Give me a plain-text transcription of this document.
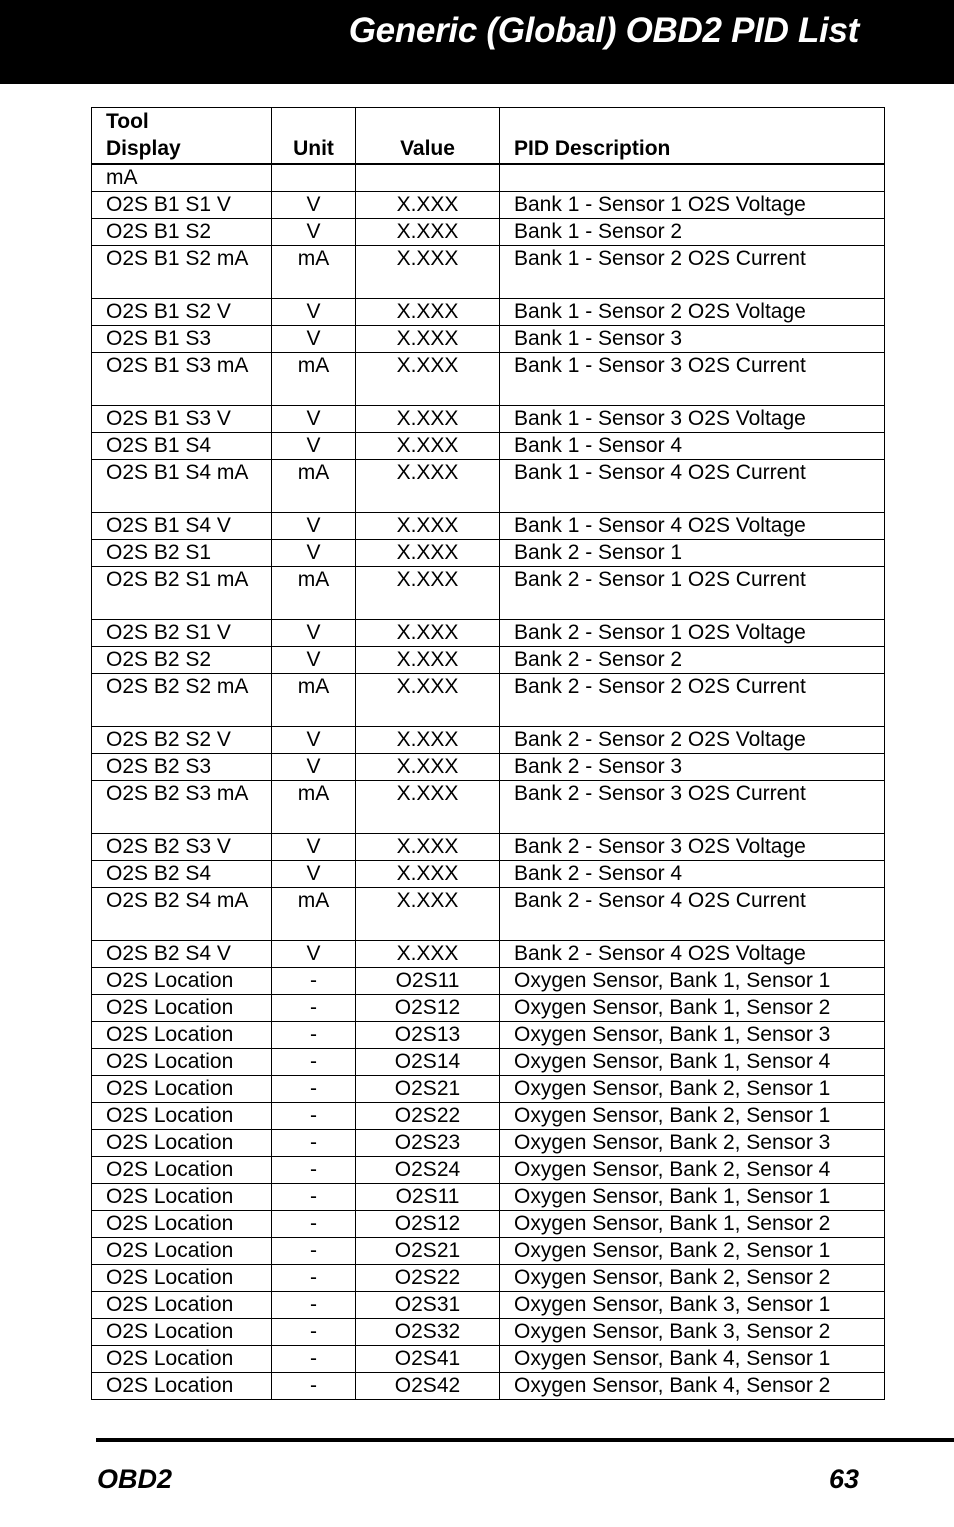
Generic (Global) OBD2 PID List
Tool
Display	Unit	Value	PID Description
mA			
O2S B1 S1 V	V	X.XXX	Bank 1 - Sensor 1 O2S Voltage
O2S B1 S2	V	X.XXX	Bank 1 - Sensor 2
O2S B1 S2 mA	mA	X.XXX	Bank 1 - Sensor 2 O2S Current
O2S B1 S2 V	V	X.XXX	Bank 1 - Sensor 2 O2S Voltage
O2S B1 S3	V	X.XXX	Bank 1 - Sensor 3
O2S B1 S3 mA	mA	X.XXX	Bank 1 - Sensor 3 O2S Current
O2S B1 S3 V	V	X.XXX	Bank 1 - Sensor 3 O2S Voltage
O2S B1 S4	V	X.XXX	Bank 1 - Sensor 4
O2S B1 S4 mA	mA	X.XXX	Bank 1 - Sensor 4 O2S Current
O2S B1 S4 V	V	X.XXX	Bank 1 - Sensor 4 O2S Voltage
O2S B2 S1	V	X.XXX	Bank 2 - Sensor 1
O2S B2 S1 mA	mA	X.XXX	Bank 2 - Sensor 1 O2S Current
O2S B2 S1 V	V	X.XXX	Bank 2 - Sensor 1 O2S Voltage
O2S B2 S2	V	X.XXX	Bank 2 - Sensor 2
O2S B2 S2 mA	mA	X.XXX	Bank 2 - Sensor 2 O2S Current
O2S B2 S2 V	V	X.XXX	Bank 2 - Sensor 2 O2S Voltage
O2S B2 S3	V	X.XXX	Bank 2 - Sensor 3
O2S B2 S3 mA	mA	X.XXX	Bank 2 - Sensor 3 O2S Current
O2S B2 S3 V	V	X.XXX	Bank 2 - Sensor 3 O2S Voltage
O2S B2 S4	V	X.XXX	Bank 2 - Sensor 4
O2S B2 S4 mA	mA	X.XXX	Bank 2 - Sensor 4 O2S Current
O2S B2 S4 V	V	X.XXX	Bank 2 - Sensor 4 O2S Voltage
O2S Location	-	O2S11	Oxygen Sensor, Bank 1, Sensor 1
O2S Location	-	O2S12	Oxygen Sensor, Bank 1, Sensor 2
O2S Location	-	O2S13	Oxygen Sensor, Bank 1, Sensor 3
O2S Location	-	O2S14	Oxygen Sensor, Bank 1, Sensor 4
O2S Location	-	O2S21	Oxygen Sensor, Bank 2, Sensor 1
O2S Location	-	O2S22	Oxygen Sensor, Bank 2, Sensor 1
O2S Location	-	O2S23	Oxygen Sensor, Bank 2, Sensor 3
O2S Location	-	O2S24	Oxygen Sensor, Bank 2, Sensor 4
O2S Location	-	O2S11	Oxygen Sensor, Bank 1, Sensor 1
O2S Location	-	O2S12	Oxygen Sensor, Bank 1, Sensor 2
O2S Location	-	O2S21	Oxygen Sensor, Bank 2, Sensor 1
O2S Location	-	O2S22	Oxygen Sensor, Bank 2, Sensor 2
O2S Location	-	O2S31	Oxygen Sensor, Bank 3, Sensor 1
O2S Location	-	O2S32	Oxygen Sensor, Bank 3, Sensor 2
O2S Location	-	O2S41	Oxygen Sensor, Bank 4, Sensor 1
O2S Location	-	O2S42	Oxygen Sensor, Bank 4, Sensor 2
OBD2	63
